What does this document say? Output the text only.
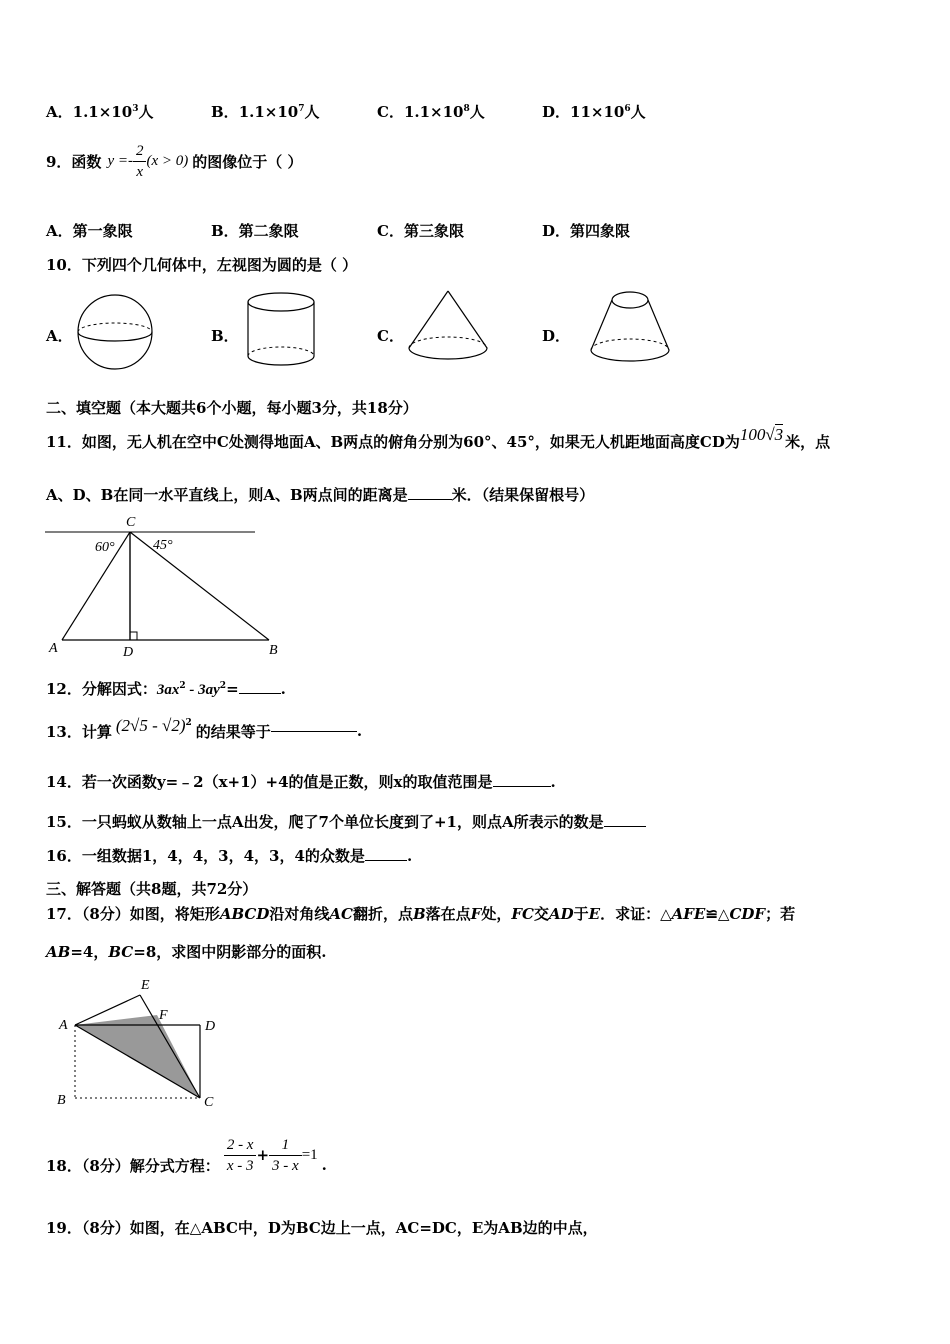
A．$1.1\times 10^3$人	B．$1.1\times 10^7$人	C．$1.1\times 10^8$人	D．$11\times 10^6$人
9．函数 $y =- \frac{2}{x} (x > 0)$ 的图像位于（ ）
A．第一象限	B．第二象限	C．第三象限	D．第四象限
10．下列四个几何体中，左视图为圆的是（ ）
A．	B．	C．	D．
二、填空题（本大题共6个小题，每小题3分，共18分）
11．如图，无人机在空中C处测得地面A、B两点的俯角分别为60°、45°，如果无人机距地面高度CD为 100√3 米，点
A、D、B在同一水平直线上，则A、B两点间的距离是	米．（结果保留根号）
C
60°	45°
A	D	B
12．分解因式：$3ax^2 - 3ay^2=$	.
13．计算 (2√5 - √2)$^2$ 的结果等于	.
14．若一次函数y=﹣2（x+1）+4的值是正数，则x的取值范围是	.
15．一只蚂蚁从数轴上一点A出发，爬了7个单位长度到了+1，则点A所表示的数是
16．一组数据1，4，4，3，4，3，4的众数是	.
三、解答题（共8题，共72分）
17．（8分）如图，将矩形ABCD沿对角线AC翻折，点B落在点F处，FC交AD于E．求证：△AFE≌△CDF；若
AB=4，BC=8，求图中阴影部分的面积.
A
E
F
D
B	C
18．（8分）解分式方程： $\frac{2 - x}{x - 3} + \frac{1}{3 - x} =1$
.
19．（8分）如图，在△ABC中，D为BC边上一点，AC=DC，E为AB边的中点，
